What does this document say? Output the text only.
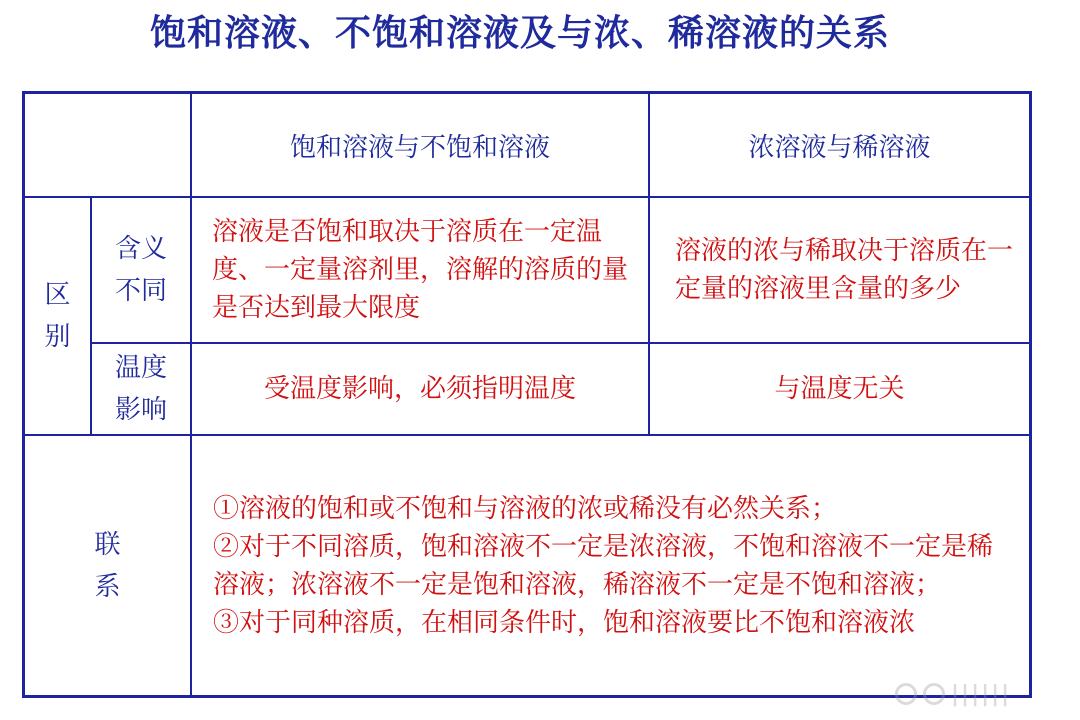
饱和溶液、不饱和溶液及与浓、稀溶液的关系
饱和溶液与不饱和溶液	浓溶液与稀溶液
区别
含义不同
溶液是否饱和取决于溶质在一定温度、一定量溶剂里，溶解的溶质的量是否达到最大限度
溶液的浓与稀取决于溶质在一定量的溶液里含量的多少
温度影响
受温度影响，必须指明温度	与温度无关
联系

①溶液的饱和或不饱和与溶液的浓或稀没有必然关系；

②对于不同溶质，饱和溶液不一定是浓溶液，不饱和溶液不一定是稀溶液；浓溶液不一定是饱和溶液，稀溶液不一定是不饱和溶液；

③对于同种溶质，在相同条件时，饱和溶液要比不饱和溶液浓

||||||
